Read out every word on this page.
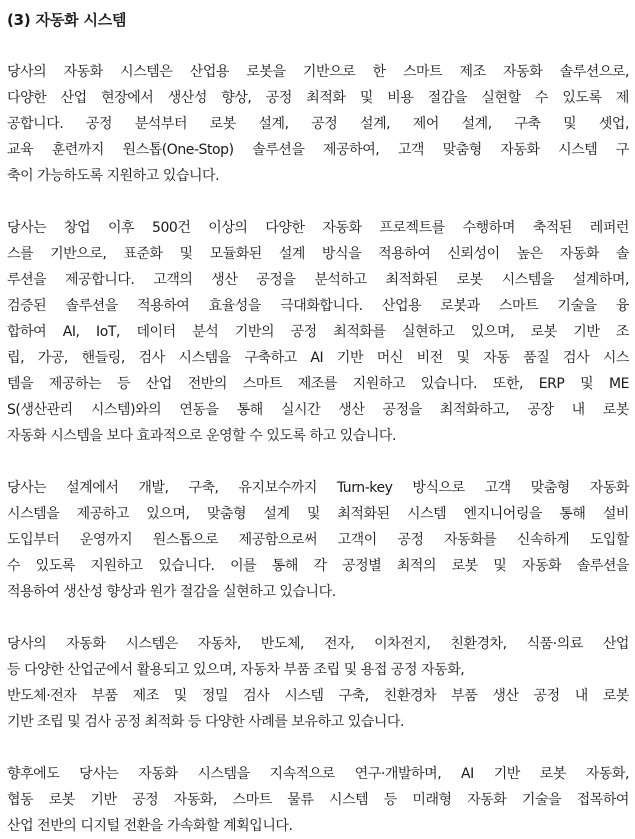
(3) 자동화 시스템
당사의 자동화 시스템은 산업용 로봇을 기반으로 한 스마트 제조 자동화 솔루션으로,
다양한 산업 현장에서 생산성 향상, 공정 최적화 및 비용 절감을 실현할 수 있도록 제
공합니다. 공정 분석부터 로봇 설계, 공정 설계, 제어 설계, 구축 및 셋업,
교육 훈련까지 원스톱(One-Stop) 솔루션을 제공하여, 고객 맞춤형 자동화 시스템 구
축이 가능하도록 지원하고 있습니다.
당사는 창업 이후 500건 이상의 다양한 자동화 프로젝트를 수행하며 축적된 레퍼런
스를 기반으로, 표준화 및 모듈화된 설계 방식을 적용하여 신뢰성이 높은 자동화 솔
루션을 제공합니다. 고객의 생산 공정을 분석하고 최적화된 로봇 시스템을 설계하며,
검증된 솔루션을 적용하여 효율성을 극대화합니다. 산업용 로봇과 스마트 기술을 융
합하여 AI, IoT, 데이터 분석 기반의 공정 최적화를 실현하고 있으며, 로봇 기반 조
립, 가공, 핸들링, 검사 시스템을 구축하고 AI 기반 머신 비전 및 자동 품질 검사 시스
템을 제공하는 등 산업 전반의 스마트 제조를 지원하고 있습니다. 또한, ERP 및 ME
S(생산관리 시스템)와의 연동을 통해 실시간 생산 공정을 최적화하고, 공장 내 로봇
자동화 시스템을 보다 효과적으로 운영할 수 있도록 하고 있습니다.
당사는 설계에서 개발, 구축, 유지보수까지 Turn-key 방식으로 고객 맞춤형 자동화
시스템을 제공하고 있으며, 맞춤형 설계 및 최적화된 시스템 엔지니어링을 통해 설비
도입부터 운영까지 원스톱으로 제공함으로써 고객이 공정 자동화를 신속하게 도입할
수 있도록 지원하고 있습니다. 이를 통해 각 공정별 최적의 로봇 및 자동화 솔루션을
적용하여 생산성 향상과 원가 절감을 실현하고 있습니다.
당사의 자동화 시스템은 자동차, 반도체, 전자, 이차전지, 친환경차, 식품·의료 산업
등 다양한 산업군에서 활용되고 있으며, 자동차 부품 조립 및 용접 공정 자동화,
반도체·전자 부품 제조 및 정밀 검사 시스템 구축, 친환경차 부품 생산 공정 내 로봇
기반 조립 및 검사 공정 최적화 등 다양한 사례를 보유하고 있습니다.
향후에도 당사는 자동화 시스템을 지속적으로 연구·개발하며, AI 기반 로봇 자동화,
협동 로봇 기반 공정 자동화, 스마트 물류 시스템 등 미래형 자동화 기술을 접목하여
산업 전반의 디지털 전환을 가속화할 계획입니다.
